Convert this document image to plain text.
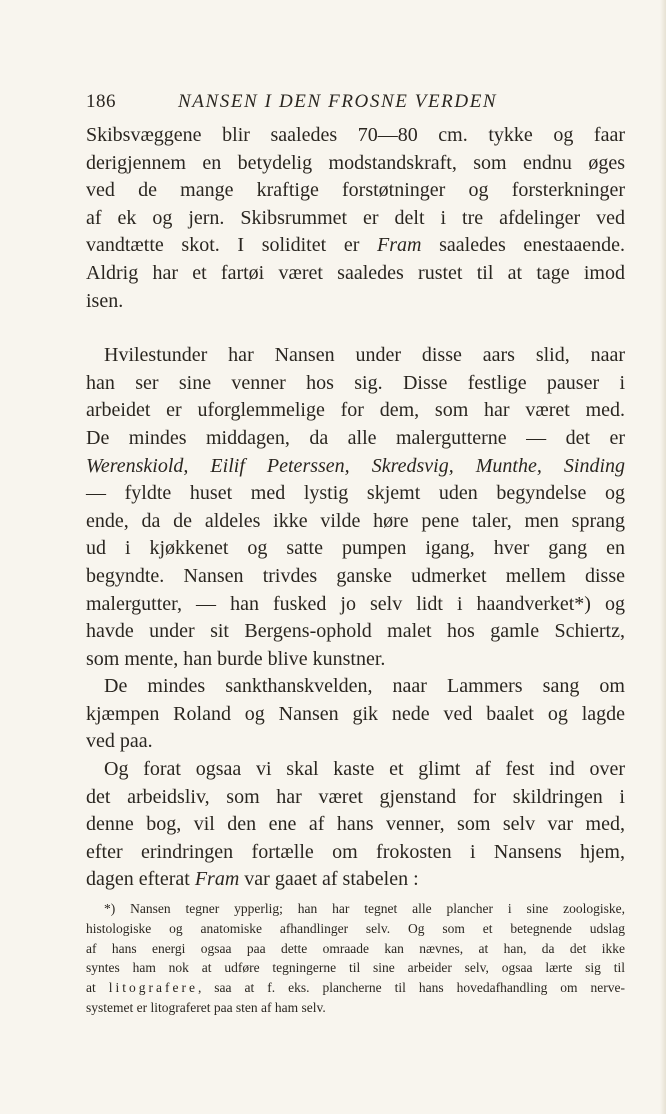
186	NANSEN I DEN FROSNE VERDEN

Skibsvæggene blir saaledes 70—80 cm. tykke og faar

derigjennem en betydelig modstandskraft, som endnu øges

ved de mange kraftige forstøtninger og forsterkninger

af ek og jern. Skibsrummet er delt i tre afdelinger ved

vandtætte skot. I soliditet er Fram saaledes enestaaende.

Aldrig har et fartøi været saaledes rustet til at tage imod

isen.

Hvilestunder har Nansen under disse aars slid, naar

han ser sine venner hos sig. Disse festlige pauser i

arbeidet er uforglemmelige for dem, som har været med.

De mindes middagen, da alle malergutterne — det er

Werenskiold, Eilif Peterssen, Skredsvig, Munthe, Sinding

— fyldte huset med lystig skjemt uden begyndelse og

ende, da de aldeles ikke vilde høre pene taler, men sprang

ud i kjøkkenet og satte pumpen igang, hver gang en

begyndte. Nansen trivdes ganske udmerket mellem disse

malergutter, — han fusked jo selv lidt i haandverket*) og

havde under sit Bergens-ophold malet hos gamle Schiertz,

som mente, han burde blive kunstner.

De mindes sankthanskvelden, naar Lammers sang om

kjæmpen Roland og Nansen gik nede ved baalet og lagde

ved paa.

Og forat ogsaa vi skal kaste et glimt af fest ind over

det arbeidsliv, som har været gjenstand for skildringen i

denne bog, vil den ene af hans venner, som selv var med,

efter erindringen fortælle om frokosten i Nansens hjem,

dagen efterat Fram var gaaet af stabelen :

*) Nansen tegner ypperlig; han har tegnet alle plancher i sine zoologiske,

histologiske og anatomiske afhandlinger selv. Og som et betegnende udslag

af hans energi ogsaa paa dette omraade kan nævnes, at han, da det ikke

syntes ham nok at udføre tegningerne til sine arbeider selv, ogsaa lærte sig til

at litografere, saa at f. eks. plancherne til hans hovedafhandling om nerve-

systemet er litograferet paa sten af ham selv.
